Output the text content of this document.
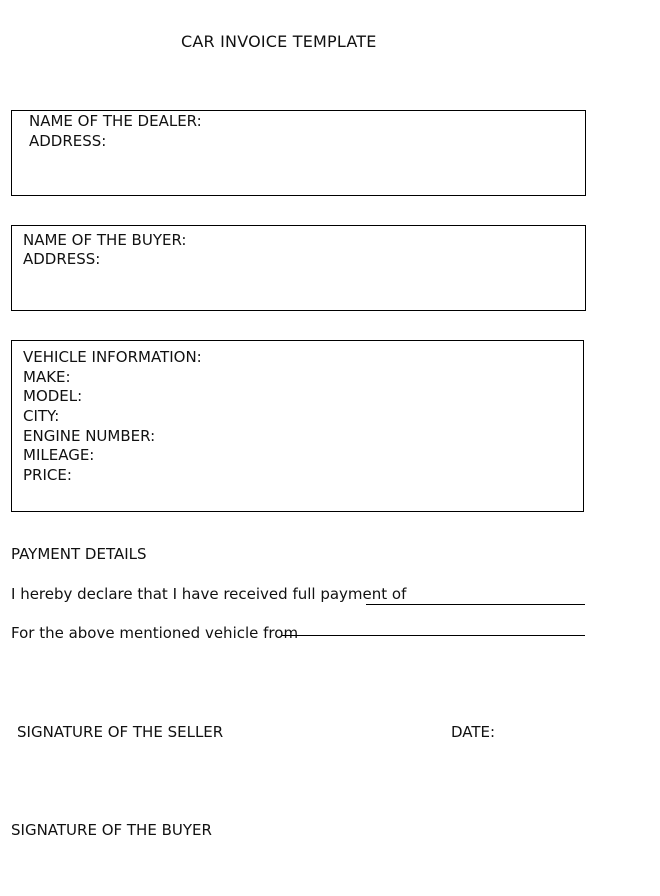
CAR INVOICE TEMPLATE
NAME OF THE DEALER:
ADDRESS:
NAME OF THE BUYER:
ADDRESS:
VEHICLE INFORMATION:
MAKE:
MODEL:
CITY:
ENGINE NUMBER:
MILEAGE:
PRICE:
PAYMENT DETAILS
I hereby declare that I have received full payment of
For the above mentioned vehicle from
SIGNATURE OF THE SELLER	DATE:
SIGNATURE OF THE BUYER
